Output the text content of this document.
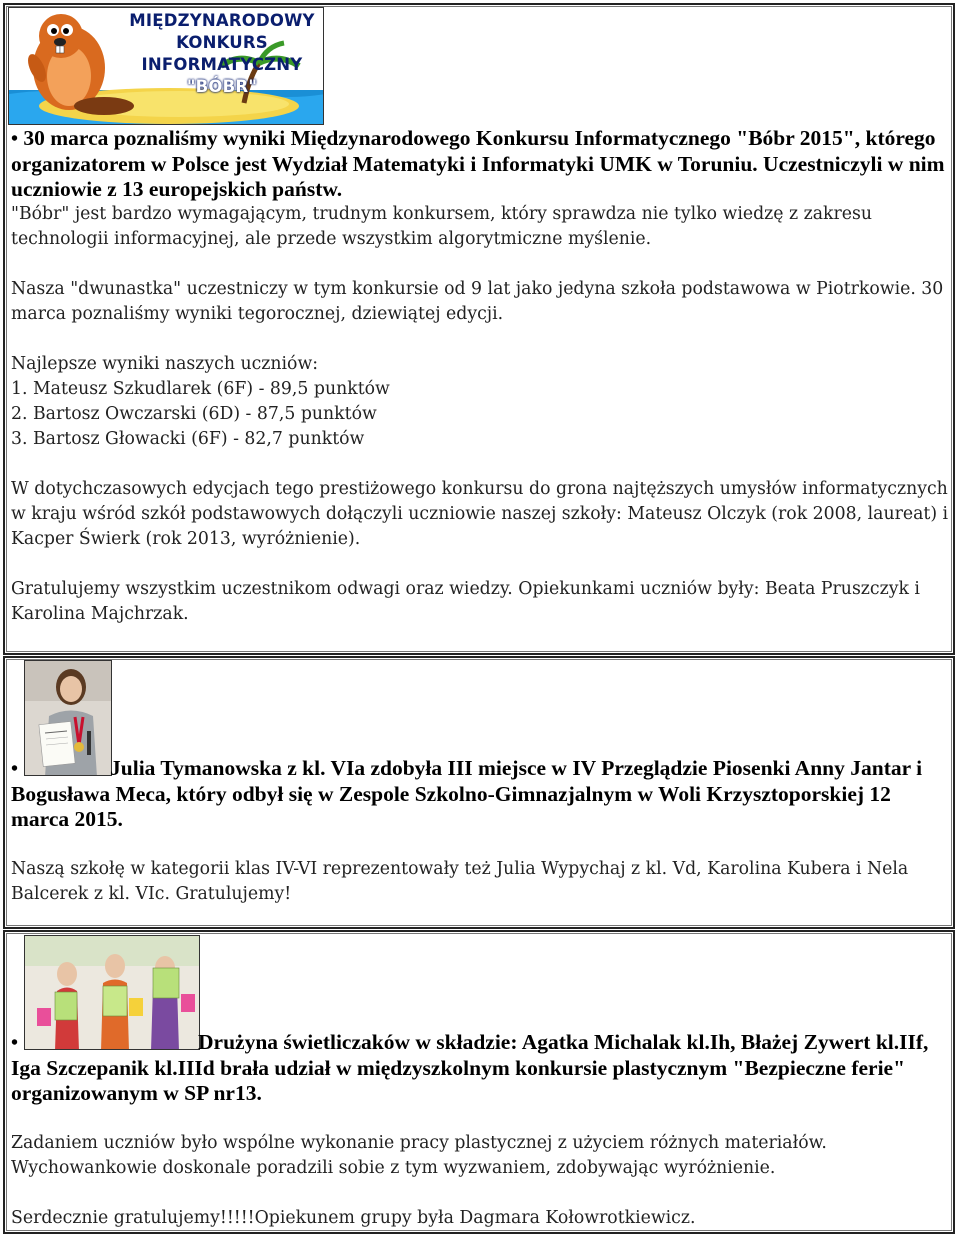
MIĘDZYNARODOWY
KONKURS
INFORMATYCZNY
"BÓBR"

• 30 marca poznaliśmy wyniki Międzynarodowego Konkursu Informatycznego "Bóbr 2015", którego organizatorem w Polsce jest Wydział Matematyki i Informatyki UMK w Toruniu. Uczestniczyli w nim uczniowie z 13 europejskich państw.

"Bóbr" jest bardzo wymagającym, trudnym konkursem, który sprawdza nie tylko wiedzę z zakresu technologii informacyjnej, ale przede wszystkim algorytmiczne myślenie.

Nasza "dwunastka" uczestniczy w tym konkursie od 9 lat jako jedyna szkoła podstawowa w Piotrkowie. 30 marca poznaliśmy wyniki tegorocznej, dziewiątej edycji.

Najlepsze wyniki naszych uczniów:

1. Mateusz Szkudlarek (6F) - 89,5 punktów

2. Bartosz Owczarski (6D) - 87,5 punktów

3. Bartosz Głowacki (6F) - 82,7 punktów

W dotychczasowych edycjach tego prestiżowego konkursu do grona najtęższych umysłów informatycznych w kraju wśród szkół podstawowych dołączyli uczniowie naszej szkoły: Mateusz Olczyk (rok 2008, laureat) i Kacper Świerk (rok 2013, wyróżnienie).

Gratulujemy wszystkim uczestnikom odwagi oraz wiedzy. Opiekunkami uczniów były: Beata Pruszczyk i Karolina Majchrzak.

•	Julia Tymanowska z kl. VIa zdobyła III miejsce w IV Przeglądzie Piosenki Anny Jantar i Bogusława Meca, który odbył się w Zespole Szkolno-Gimnazjalnym w Woli Krzysztoporskiej 12 marca 2015.

Naszą szkołę w kategorii klas IV-VI reprezentowały też Julia Wypychaj z kl. Vd, Karolina Kubera i Nela Balcerek z kl. VIc. Gratulujemy!

•	Drużyna świetliczaków w składzie: Agatka Michalak kl.Ih, Błażej Zywert kl.IIf, Iga Szczepanik kl.IIId brała udział w międzyszkolnym konkursie plastycznym "Bezpieczne ferie" organizowanym w SP nr13.

Zadaniem uczniów było wspólne wykonanie pracy plastycznej z użyciem różnych materiałów. Wychowankowie doskonale poradzili sobie z tym wyzwaniem, zdobywając wyróżnienie.

Serdecznie gratulujemy!!!!!Opiekunem grupy była Dagmara Kołowrotkiewicz.
